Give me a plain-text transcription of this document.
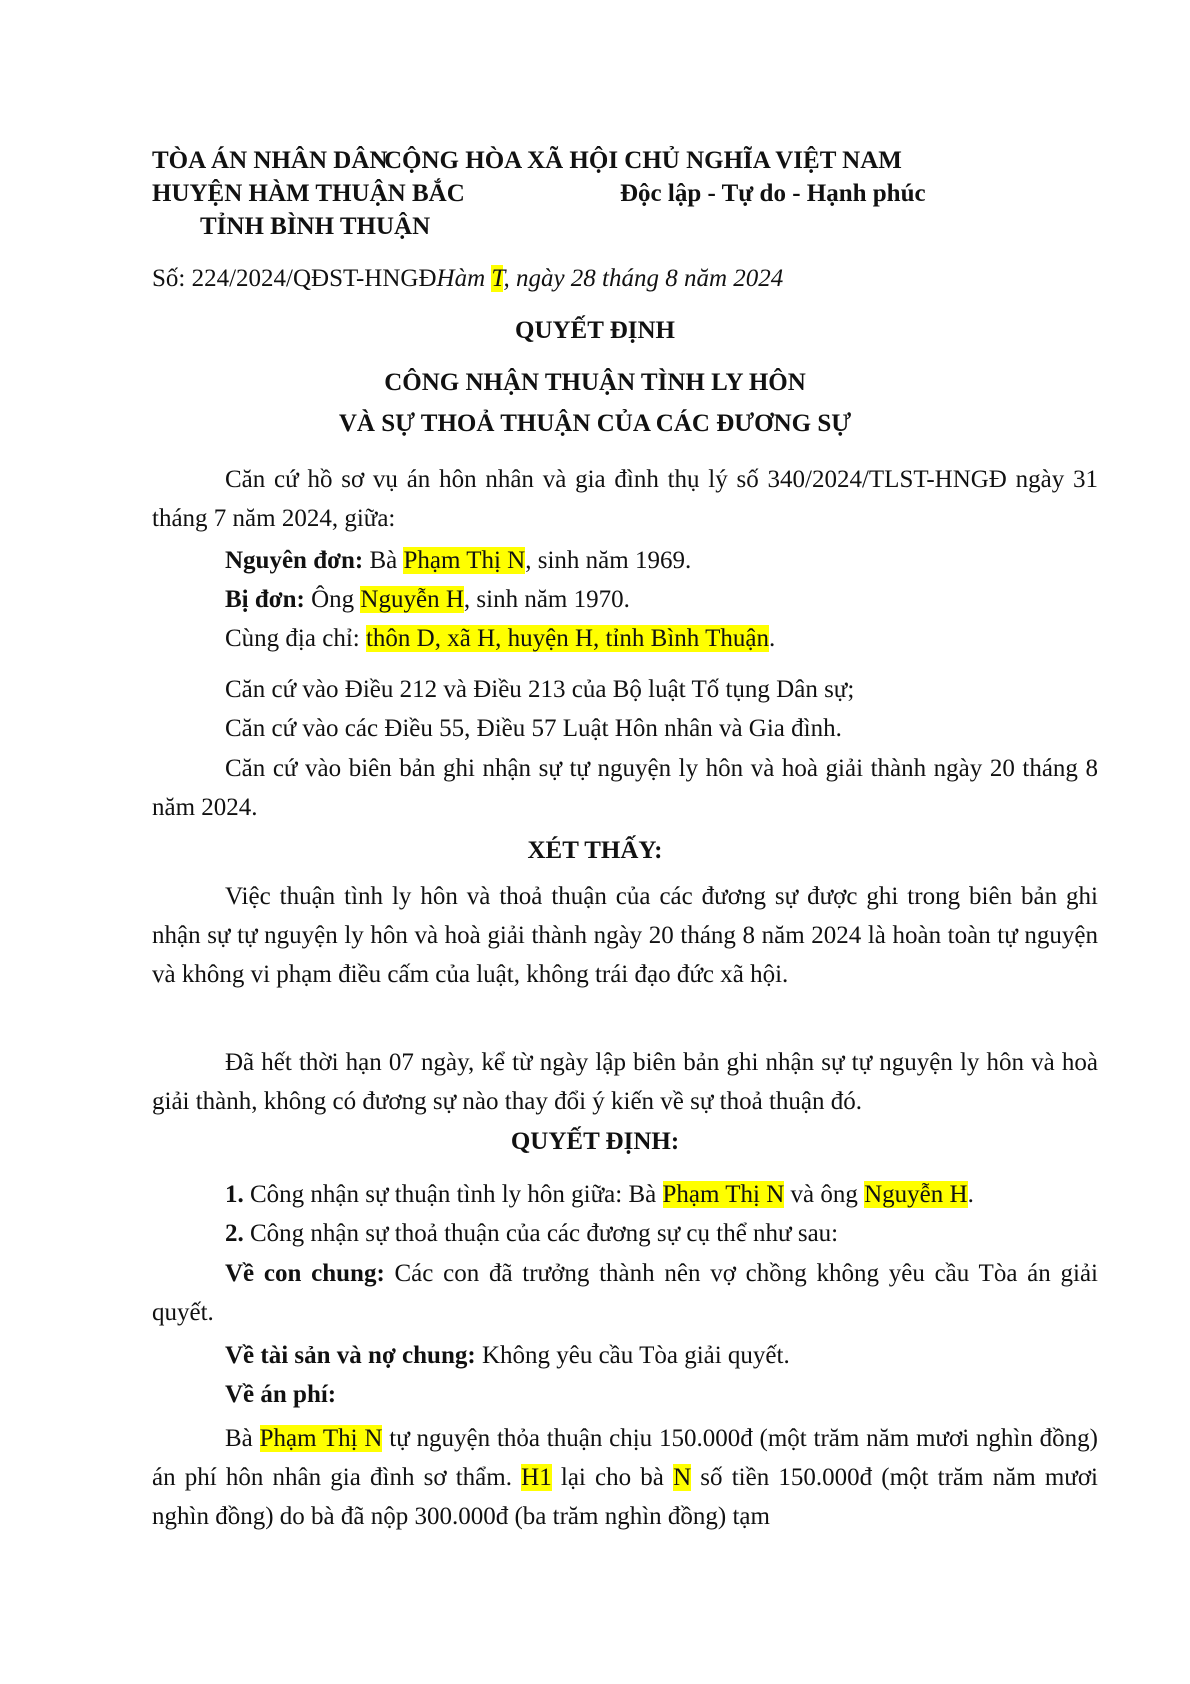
TÒA ÁN NHÂN DÂN
CỘNG HÒA XÃ HỘI CHỦ NGHĨA VIỆT NAM
HUYỆN HÀM THUẬN BẮC	Độc lập - Tự do - Hạnh phúc
TỈNH BÌNH THUẬN
Số: 224/2024/QĐST-HNGĐHàm T, ngày 28 tháng 8 năm 2024
QUYẾT ĐỊNH
CÔNG NHẬN THUẬN TÌNH LY HÔN
VÀ SỰ THOẢ THUẬN CỦA CÁC ĐƯƠNG SỰ
Căn cứ hồ sơ vụ án hôn nhân và gia đình thụ lý số 340/2024/TLST-HNGĐ ngày 31 tháng 7 năm 2024, giữa:
Nguyên đơn: Bà Phạm Thị N, sinh năm 1969.
Bị đơn: Ông Nguyễn H, sinh năm 1970.
Cùng địa chỉ: thôn D, xã H, huyện H, tỉnh Bình Thuận.
Căn cứ vào Điều 212 và Điều 213 của Bộ luật Tố tụng Dân sự;
Căn cứ vào các Điều 55, Điều 57 Luật Hôn nhân và Gia đình.
Căn cứ vào biên bản ghi nhận sự tự nguyện ly hôn và hoà giải thành ngày 20 tháng 8 năm 2024.
XÉT THẤY:
Việc thuận tình ly hôn và thoả thuận của các đương sự được ghi trong biên bản ghi nhận sự tự nguyện ly hôn và hoà giải thành ngày 20 tháng 8 năm 2024 là hoàn toàn tự nguyện và không vi phạm điều cấm của luật, không trái đạo đức xã hội.
Đã hết thời hạn 07 ngày, kể từ ngày lập biên bản ghi nhận sự tự nguyện ly hôn và hoà giải thành, không có đương sự nào thay đổi ý kiến về sự thoả thuận đó.
QUYẾT ĐỊNH:
1. Công nhận sự thuận tình ly hôn giữa: Bà Phạm Thị N và ông Nguyễn H.
2. Công nhận sự thoả thuận của các đương sự cụ thể như sau:
Về con chung: Các con đã trưởng thành nên vợ chồng không yêu cầu Tòa án giải quyết.
Về tài sản và nợ chung: Không yêu cầu Tòa giải quyết.
Về án phí:
Bà Phạm Thị N tự nguyện thỏa thuận chịu 150.000đ (một trăm năm mươi nghìn đồng) án phí hôn nhân gia đình sơ thẩm. H1 lại cho bà N số tiền 150.000đ (một trăm năm mươi nghìn đồng) do bà đã nộp 300.000đ (ba trăm nghìn đồng) tạm
